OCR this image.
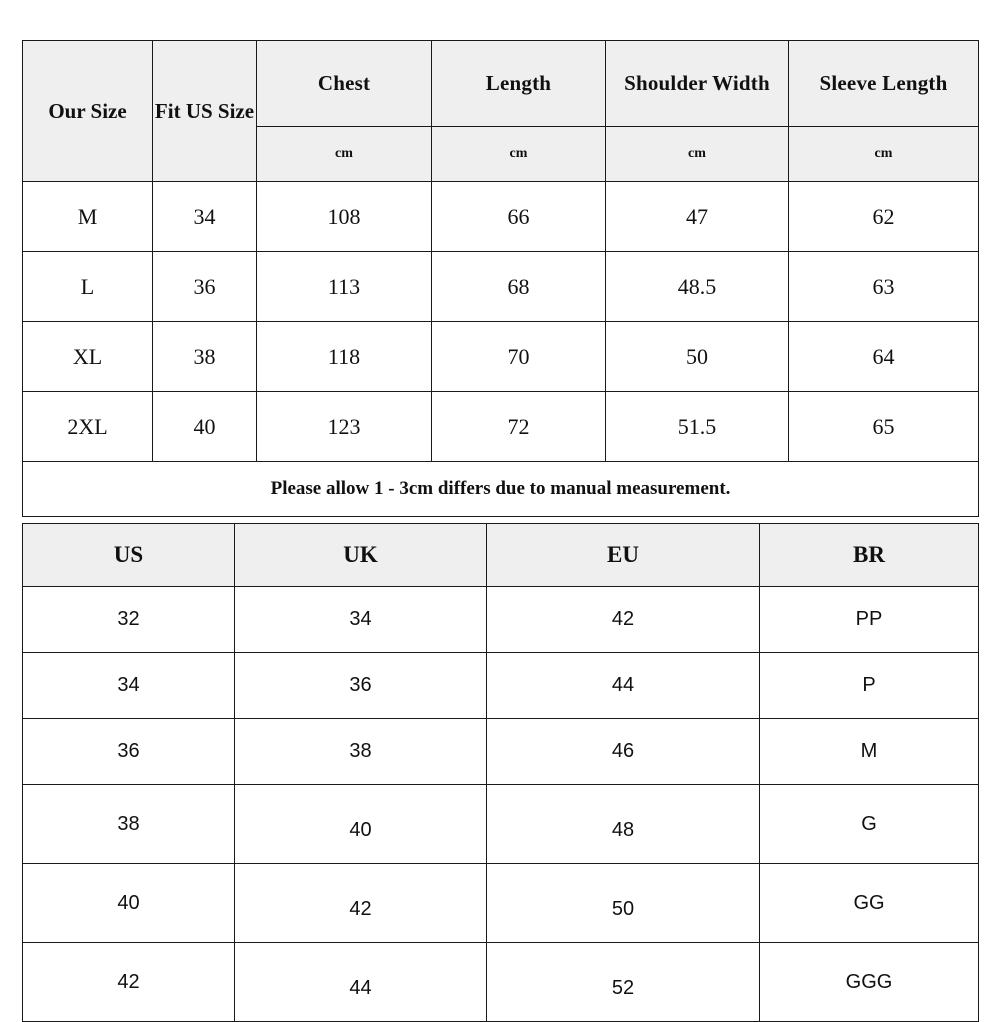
Our Size	Fit US Size	Chest	Length	Shoulder Width	Sleeve Length
		cm	cm	cm	cm
M	34	108	66	47	62
L	36	113	68	48.5	63
XL	38	118	70	50	64
2XL	40	123	72	51.5	65
Please allow 1 - 3cm differs due to manual measurement.					
US	UK	EU	BR
32	34	42	PP
34	36	44	P
36	38	46	M
38	40	48	G
40	42	50	GG
42	44	52	GGG
